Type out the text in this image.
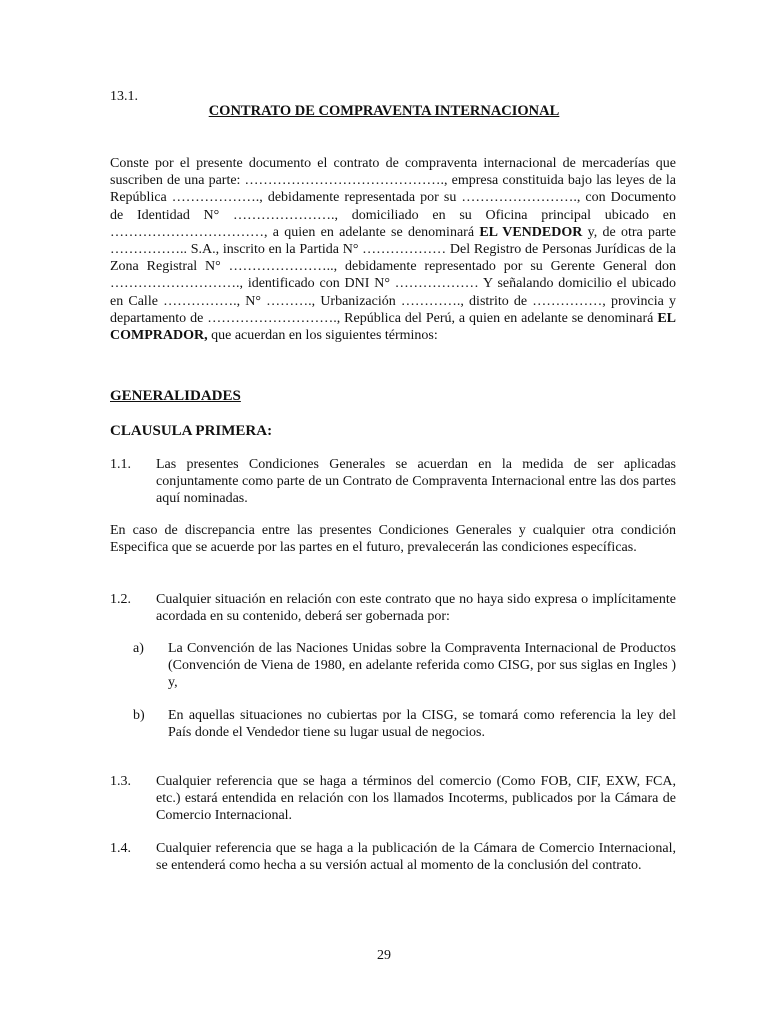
13.1.
CONTRATO DE COMPRAVENTA INTERNACIONAL
Conste por el presente documento el contrato de compraventa internacional de mercaderías que suscriben de una parte: ……………………………………., empresa constituida bajo las leyes de la República ………………., debidamente representada por su ……………………., con Documento de Identidad N° …………………., domiciliado en su Oficina principal ubicado en ……………………………, a quien en adelante se denominará EL VENDEDOR y, de otra parte …………….. S.A., inscrito en la Partida N° ……………… Del Registro de Personas Jurídicas de la Zona Registral N° ………………….., debidamente representado por su Gerente General don ………………………., identificado con DNI N° ……………… Y señalando domicilio el ubicado en Calle ……………., N° ………., Urbanización …………., distrito de ……………, provincia y departamento de ………………………., República del Perú, a quien en adelante se denominará EL COMPRADOR, que acuerdan en los siguientes términos:
GENERALIDADES
CLAUSULA PRIMERA:
1.1. Las presentes Condiciones Generales se acuerdan en la medida de ser aplicadas conjuntamente como parte de un Contrato de Compraventa Internacional entre las dos partes aquí nominadas.
En caso de discrepancia entre las presentes Condiciones Generales y cualquier otra condición Especifica que se acuerde por las partes en el futuro, prevalecerán las condiciones específicas.
1.2. Cualquier situación en relación con este contrato que no haya sido expresa o implícitamente acordada en su contenido, deberá ser gobernada por:
a) La Convención de las Naciones Unidas sobre la Compraventa Internacional de Productos (Convención de Viena de 1980, en adelante referida como CISG, por sus siglas en Ingles ) y,
b) En aquellas situaciones no cubiertas por la CISG, se tomará como referencia la ley del País donde el Vendedor tiene su lugar usual de negocios.
1.3. Cualquier referencia que se haga a términos del comercio (Como FOB, CIF, EXW, FCA, etc.) estará entendida en relación con los llamados Incoterms, publicados por la Cámara de Comercio Internacional.
1.4. Cualquier referencia que se haga a la publicación de la Cámara de Comercio Internacional, se entenderá como hecha a su versión actual al momento de la conclusión del contrato.
29
